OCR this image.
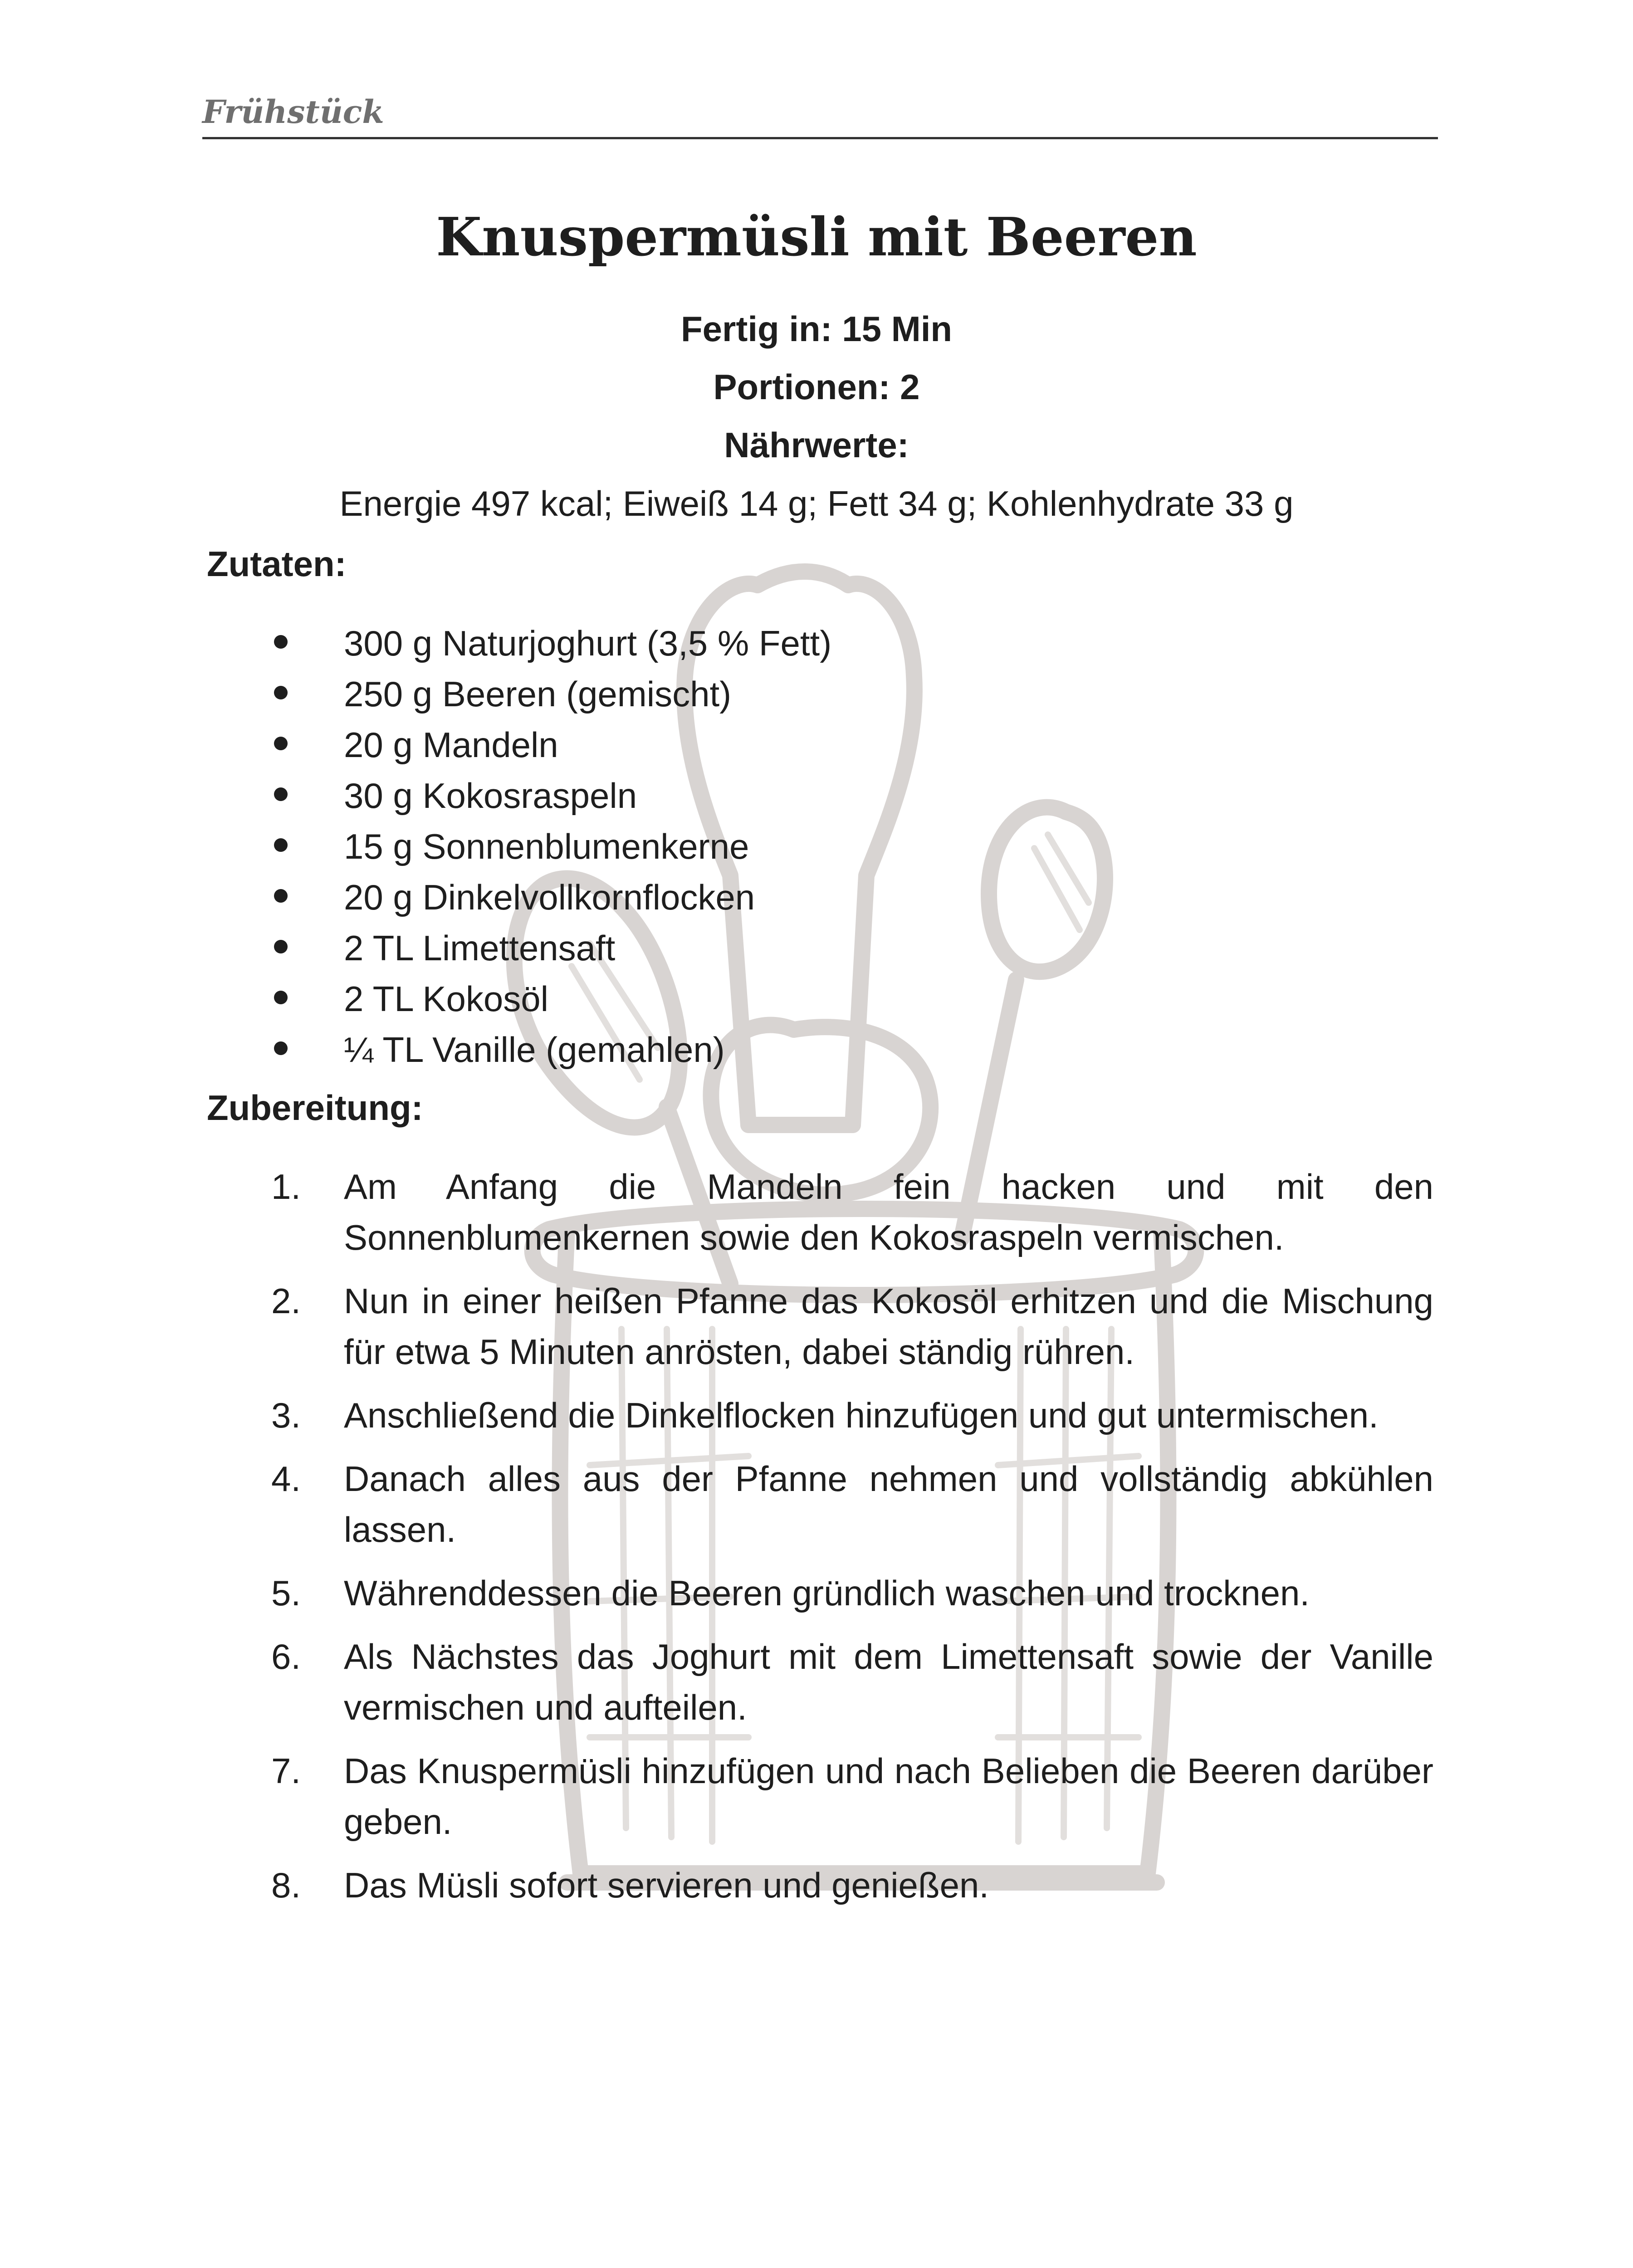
Frühstück
Knuspermüsli mit Beeren
Fertig in: 15 Min
Portionen: 2
Nährwerte:
Energie 497 kcal; Eiweiß 14 g; Fett 34 g; Kohlenhydrate 33 g
Zutaten:
300 g Naturjoghurt (3,5 % Fett)
250 g Beeren (gemischt)
20 g Mandeln
30 g Kokosraspeln
15 g Sonnenblumenkerne
20 g Dinkelvollkornflocken
2 TL Limettensaft
2 TL Kokosöl
¼ TL Vanille (gemahlen)
Zubereitung:
1.	Am Anfang die Mandeln fein hacken und mit den Sonnenblumenkernen sowie den Kokosraspeln vermischen.
2.	Nun in einer heißen Pfanne das Kokosöl erhitzen und die Mischung für etwa 5 Minuten anrösten, dabei ständig rühren.
3.	Anschließend die Dinkelflocken hinzufügen und gut untermischen.
4.	Danach alles aus der Pfanne nehmen und vollständig abkühlen lassen.
5.	Währenddessen die Beeren gründlich waschen und trocknen.
6.	Als Nächstes das Joghurt mit dem Limettensaft sowie der Vanille vermischen und aufteilen.
7.	Das Knuspermüsli hinzufügen und nach Belieben die Beeren darüber geben.
8.	Das Müsli sofort servieren und genießen.
